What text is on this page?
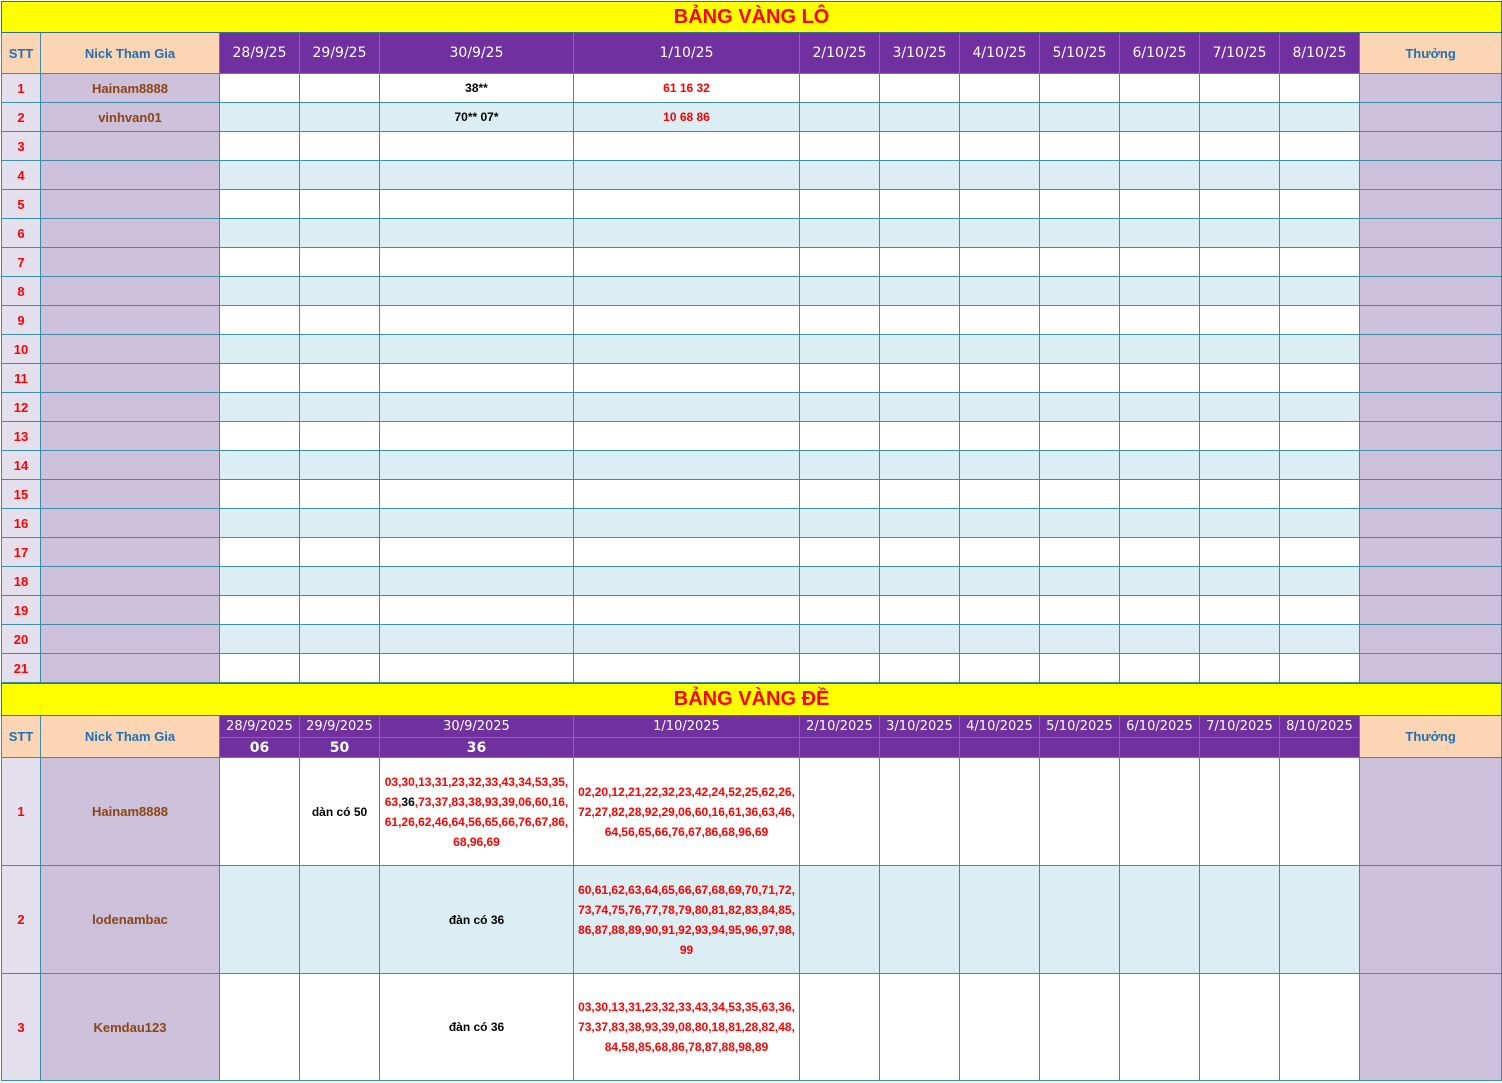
BẢNG VÀNG LÔ													
STT	Nick Tham Gia	28/9/25	29/9/25	30/9/25	1/10/25	2/10/25	3/10/25	4/10/25	5/10/25	6/10/25	7/10/25	8/10/25	Thưởng
1	Hainam8888			38**	61 16 32								
2	vinhvan01			70** 07*	10 68 86								
3													
4													
5													
6													
7													
8													
9													
10													
11													
12													
13													
14													
15													
16													
17													
18													
19													
20													
21													
BẢNG VÀNG ĐỀ													
STT	Nick Tham Gia	28/9/2025	29/9/2025	30/9/2025	1/10/2025	2/10/2025	3/10/2025	4/10/2025	5/10/2025	6/10/2025	7/10/2025	8/10/2025	Thưởng
		06	50	36									
1	Hainam8888		dàn có 50	03,30,13,31,23,32,33,43,34,53,35,63,36,73,37,83,38,93,39,06,60,16,61,26,62,46,64,56,65,66,76,67,86,68,96,69	02,20,12,21,22,32,23,42,24,52,25,62,26,72,27,82,28,92,29,06,60,16,61,36,63,46,64,56,65,66,76,67,86,68,96,69								
2	lodenambac			đàn có 36	60,61,62,63,64,65,66,67,68,69,70,71,72,73,74,75,76,77,78,79,80,81,82,83,84,85,86,87,88,89,90,91,92,93,94,95,96,97,98,99								
3	Kemdau123			đàn có 36	03,30,13,31,23,32,33,43,34,53,35,63,36,73,37,83,38,93,39,08,80,18,81,28,82,48,84,58,85,68,86,78,87,88,98,89								
